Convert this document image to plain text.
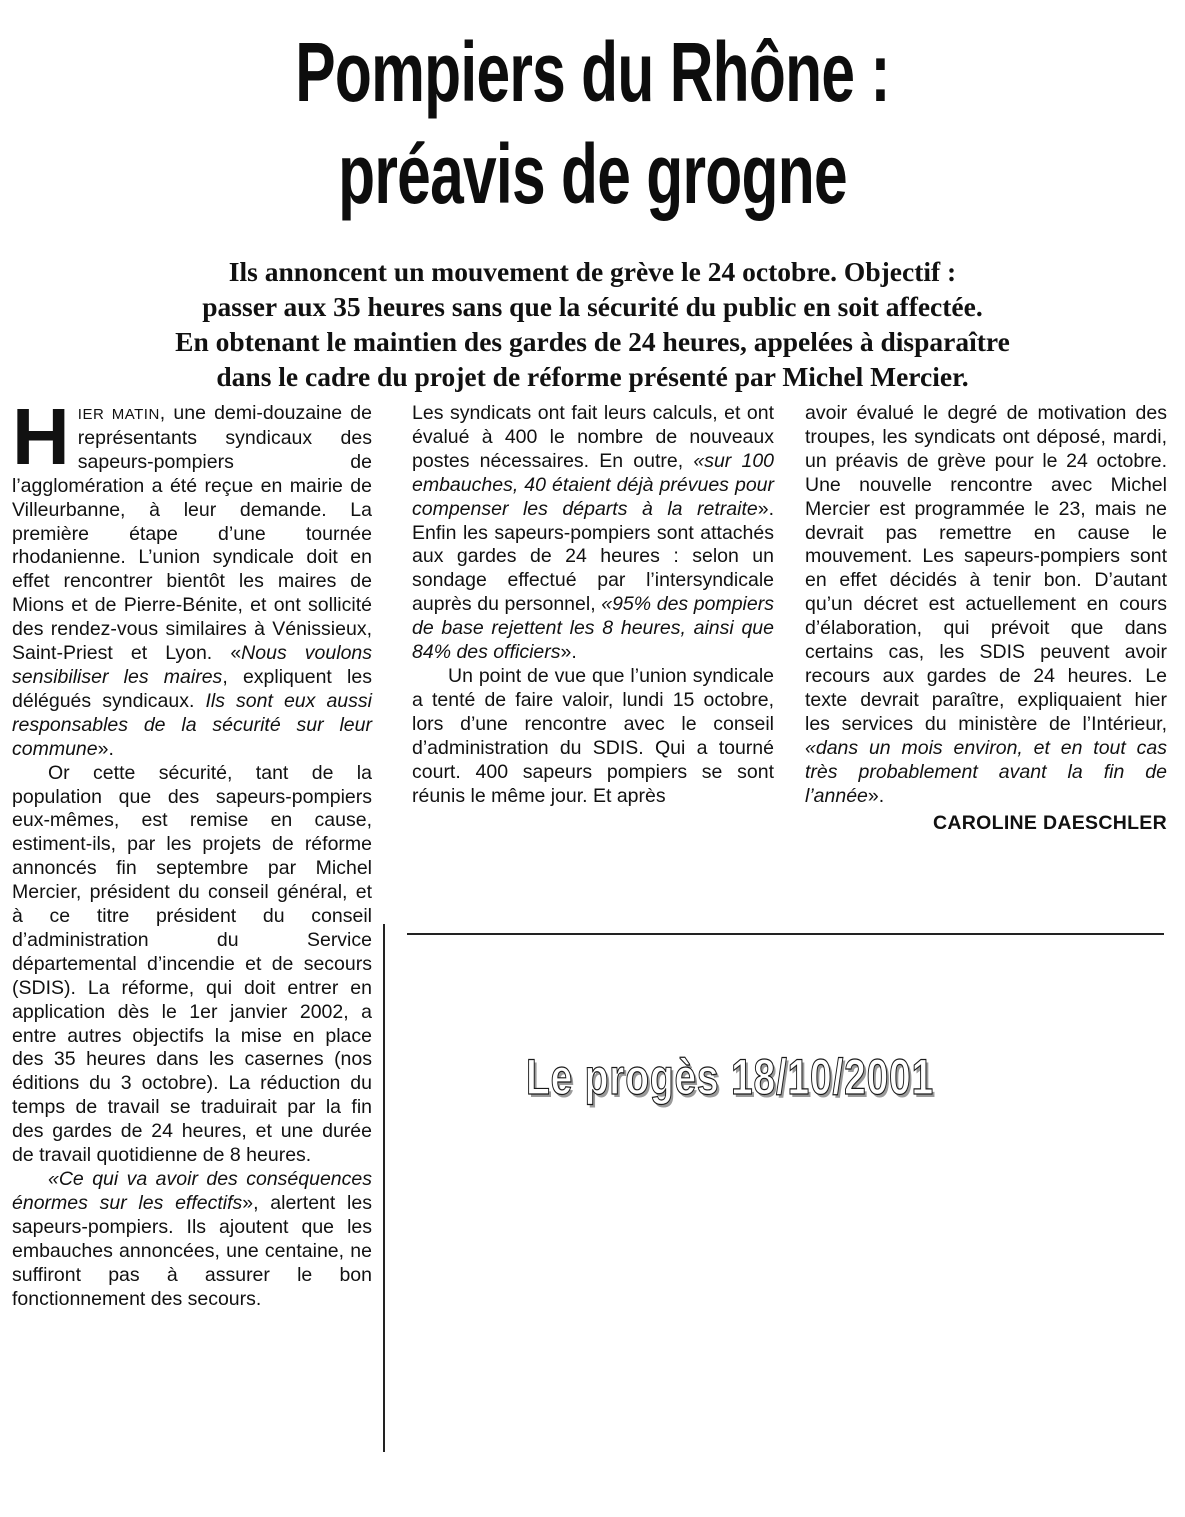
Pompiers du Rhône :
préavis de grogne
Ils annoncent un mouvement de grève le 24 octobre. Objectif :
passer aux 35 heures sans que la sécurité du public en soit affectée.
En obtenant le maintien des gardes de 24 heures, appelées à disparaître
dans le cadre du projet de réforme présenté par Michel Mercier.

HIER MATIN, une demi-douzaine de représentants syndicaux des sapeurs-pompiers de l’agglomération a été reçue en mairie de Villeurbanne, à leur demande. La première étape d’une tournée rhodanienne. L’union syndicale doit en effet rencontrer bientôt les maires de Mions et de Pierre-Bénite, et ont sollicité des rendez-vous similaires à Vénissieux, Saint-Priest et Lyon. «Nous voulons sensibiliser les maires, expliquent les délégués syndicaux. Ils sont eux aussi responsables de la sécurité sur leur commune».

Or cette sécurité, tant de la population que des sapeurs-pompiers eux-mêmes, est remise en cause, estiment-ils, par les projets de réforme annoncés fin septembre par Michel Mercier, président du conseil général, et à ce titre président du conseil d’administration du Service départemental d’incendie et de secours (SDIS). La réforme, qui doit entrer en application dès le 1er janvier 2002, a entre autres objectifs la mise en place des 35 heures dans les casernes (nos éditions du 3 octobre). La réduction du temps de travail se traduirait par la fin des gardes de 24 heures, et une durée de travail quotidienne de 8 heures.

«Ce qui va avoir des conséquences énormes sur les effectifs», alertent les sapeurs-pompiers. Ils ajoutent que les embauches annoncées, une centaine, ne suffiront pas à assurer le bon fonctionnement des secours.

Les syndicats ont fait leurs calculs, et ont évalué à 400 le nombre de nouveaux postes nécessaires. En outre, «sur 100 embauches, 40 étaient déjà prévues pour compenser les départs à la retraite». Enfin les sapeurs-pompiers sont attachés aux gardes de 24 heures : selon un sondage effectué par l’intersyndicale auprès du personnel, «95% des pompiers de base rejettent les 8 heures, ainsi que 84% des officiers».

Un point de vue que l’union syndicale a tenté de faire valoir, lundi 15 octobre, lors d’une rencontre avec le conseil d’administration du SDIS. Qui a tourné court. 400 sapeurs pompiers se sont réunis le même jour. Et après

avoir évalué le degré de motivation des troupes, les syndicats ont déposé, mardi, un préavis de grève pour le 24 octobre. Une nouvelle rencontre avec Michel Mercier est programmée le 23, mais ne devrait pas remettre en cause le mouvement. Les sapeurs-pompiers sont en effet décidés à tenir bon. D’autant qu’un décret est actuellement en cours d’élaboration, qui prévoit que dans certains cas, les SDIS peuvent avoir recours aux gardes de 24 heures. Le texte devrait paraître, expliquaient hier les services du ministère de l’Intérieur, «dans un mois environ, et en tout cas très probablement avant la fin de l’année».

CAROLINE DAESCHLER
Le progès 18/10/2001
